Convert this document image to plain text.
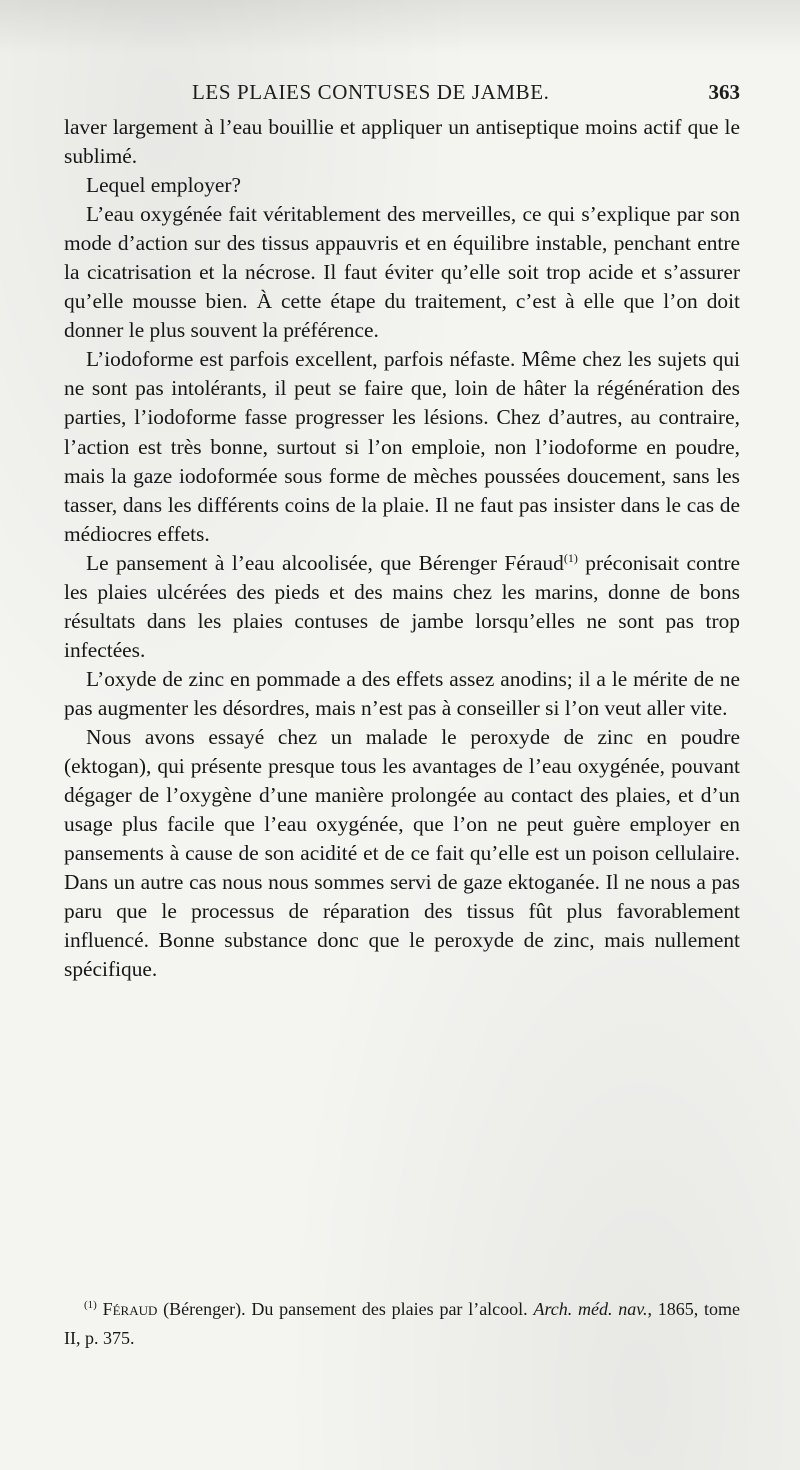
LES PLAIES CONTUSES DE JAMBE.	363

laver largement à l’eau bouillie et appliquer un antiseptique moins actif que le sublimé.

Lequel employer?

L’eau oxygénée fait véritablement des merveilles, ce qui s’explique par son mode d’action sur des tissus appauvris et en équilibre instable, penchant entre la cicatrisation et la nécrose. Il faut éviter qu’elle soit trop acide et s’assurer qu’elle mousse bien. À cette étape du traitement, c’est à elle que l’on doit donner le plus souvent la préférence.

L’iodoforme est parfois excellent, parfois néfaste. Même chez les sujets qui ne sont pas intolérants, il peut se faire que, loin de hâter la régénération des parties, l’iodoforme fasse progresser les lésions. Chez d’autres, au contraire, l’action est très bonne, surtout si l’on emploie, non l’iodoforme en poudre, mais la gaze iodoformée sous forme de mèches poussées doucement, sans les tasser, dans les différents coins de la plaie. Il ne faut pas insister dans le cas de médiocres effets.

Le pansement à l’eau alcoolisée, que Bérenger Féraud$^{(1)}$ préconisait contre les plaies ulcérées des pieds et des mains chez les marins, donne de bons résultats dans les plaies contuses de jambe lorsqu’elles ne sont pas trop infectées.

L’oxyde de zinc en pommade a des effets assez anodins; il a le mérite de ne pas augmenter les désordres, mais n’est pas à conseiller si l’on veut aller vite.

Nous avons essayé chez un malade le peroxyde de zinc en poudre (ektogan), qui présente presque tous les avantages de l’eau oxygénée, pouvant dégager de l’oxygène d’une manière prolongée au contact des plaies, et d’un usage plus facile que l’eau oxygénée, que l’on ne peut guère employer en pansements à cause de son acidité et de ce fait qu’elle est un poison cellulaire. Dans un autre cas nous nous sommes servi de gaze ektoganée. Il ne nous a pas paru que le processus de réparation des tissus fût plus favorablement influencé. Bonne substance donc que le peroxyde de zinc, mais nullement spécifique.

$^{(1)}$ Féraud (Bérenger). Du pansement des plaies par l’alcool. Arch. méd. nav., 1865, tome II, p. 375.
